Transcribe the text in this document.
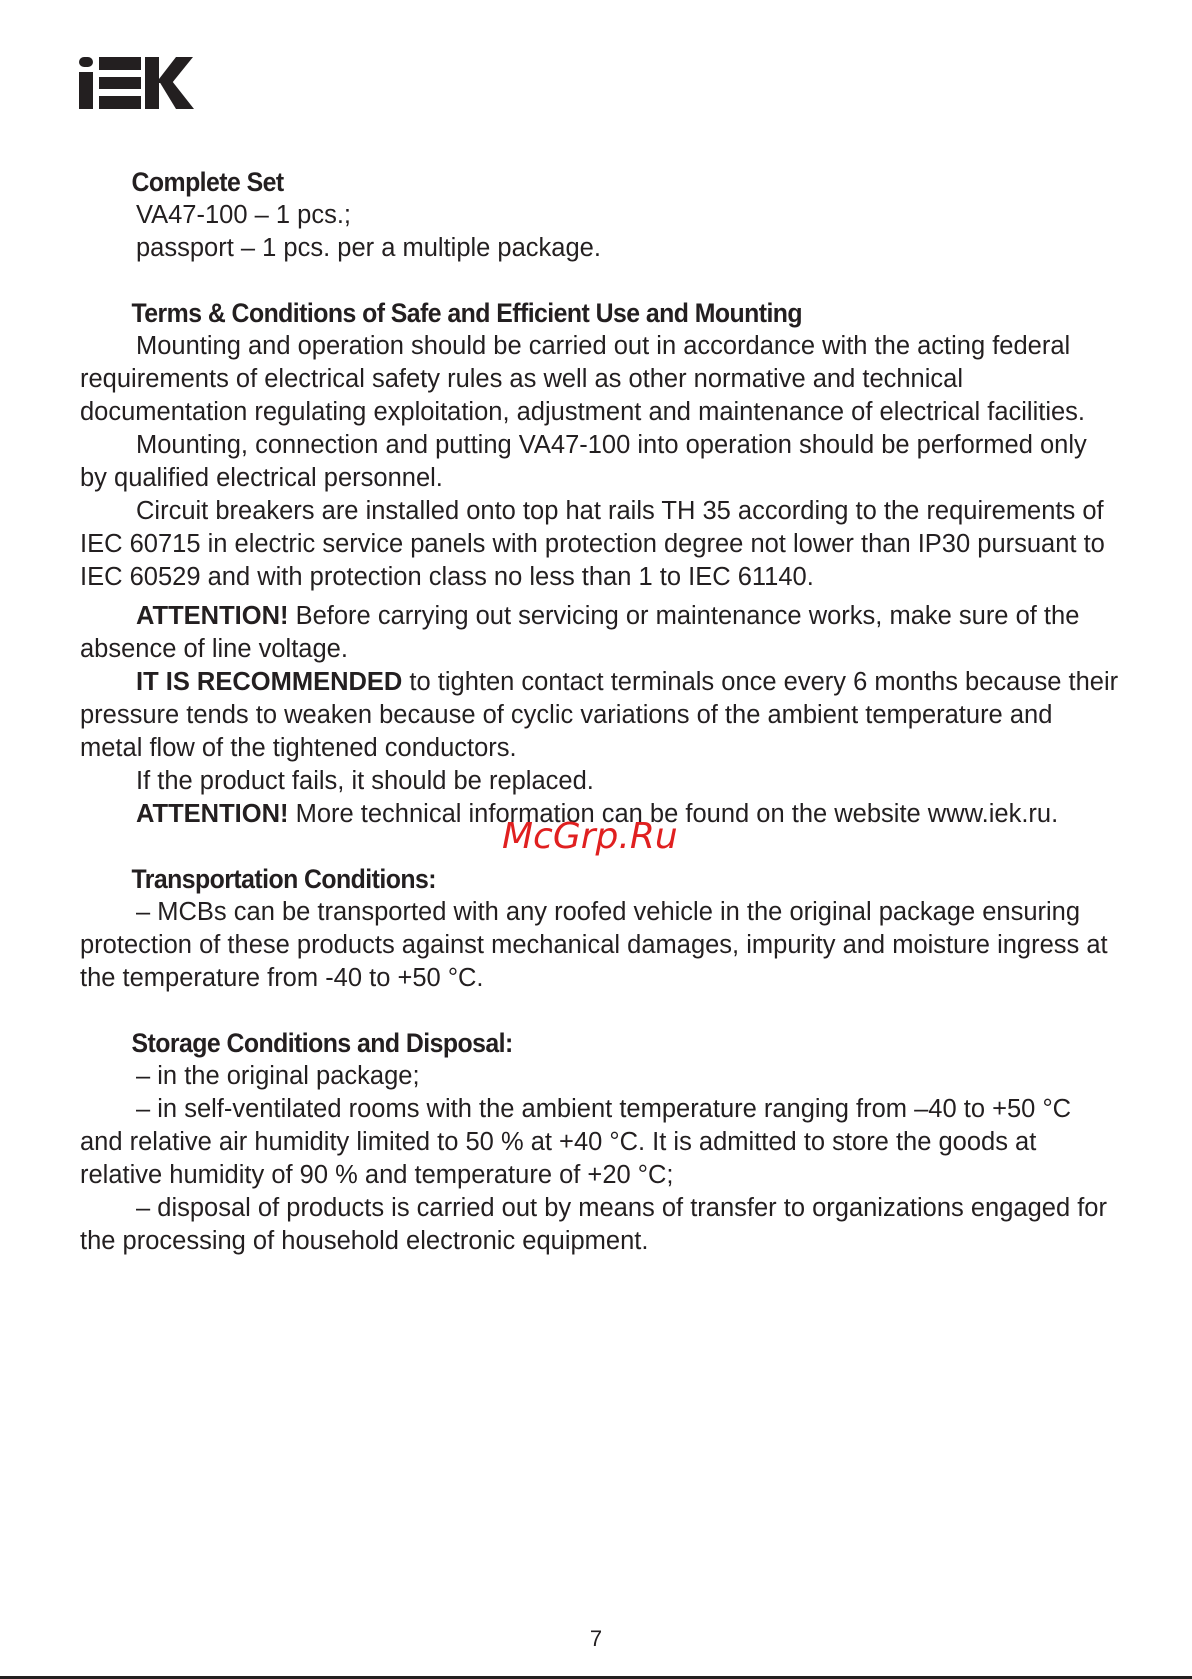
Complete Set

VA47-100 – 1 pcs.;

passport – 1 pcs. per a multiple package.

Terms & Conditions of Safe and Efficient Use and Mounting

Mounting and operation should be carried out in accordance with the acting federal requirements of electrical safety rules as well as other normative and technical documentation regulating exploitation, adjustment and maintenance of electrical facilities.

Mounting, connection and putting VA47-100 into operation should be performed only by qualified electrical personnel.

Circuit breakers are installed onto top hat rails TH 35 according to the requirements of IEC 60715 in electric service panels with protection degree not lower than IP30 pursuant to IEC 60529 and with protection class no less than 1 to IEC 61140.

ATTENTION! Before carrying out servicing or maintenance works, make sure of the absence of line voltage.

IT IS RECOMMENDED to tighten contact terminals once every 6 months because their pressure tends to weaken because of cyclic variations of the ambient temperature and metal flow of the tightened conductors.

If the product fails, it should be replaced.

ATTENTION! More technical information can be found on the website www.iek.ru.

Transportation Conditions:

– MCBs can be transported with any roofed vehicle in the original package ensuring protection of these products against mechanical damages, impurity and moisture ingress at the temperature from -40 to +50 °C.

Storage Conditions and Disposal:

– in the original package;

– in self-ventilated rooms with the ambient temperature ranging from –40 to +50 °C and relative air humidity limited to 50 % at +40 °C. It is admitted to store the goods at relative humidity of 90 % and temperature of +20 °C;

– disposal of products is carried out by means of transfer to organizations engaged for the processing of household electronic equipment.

McGrp.Ru
7
